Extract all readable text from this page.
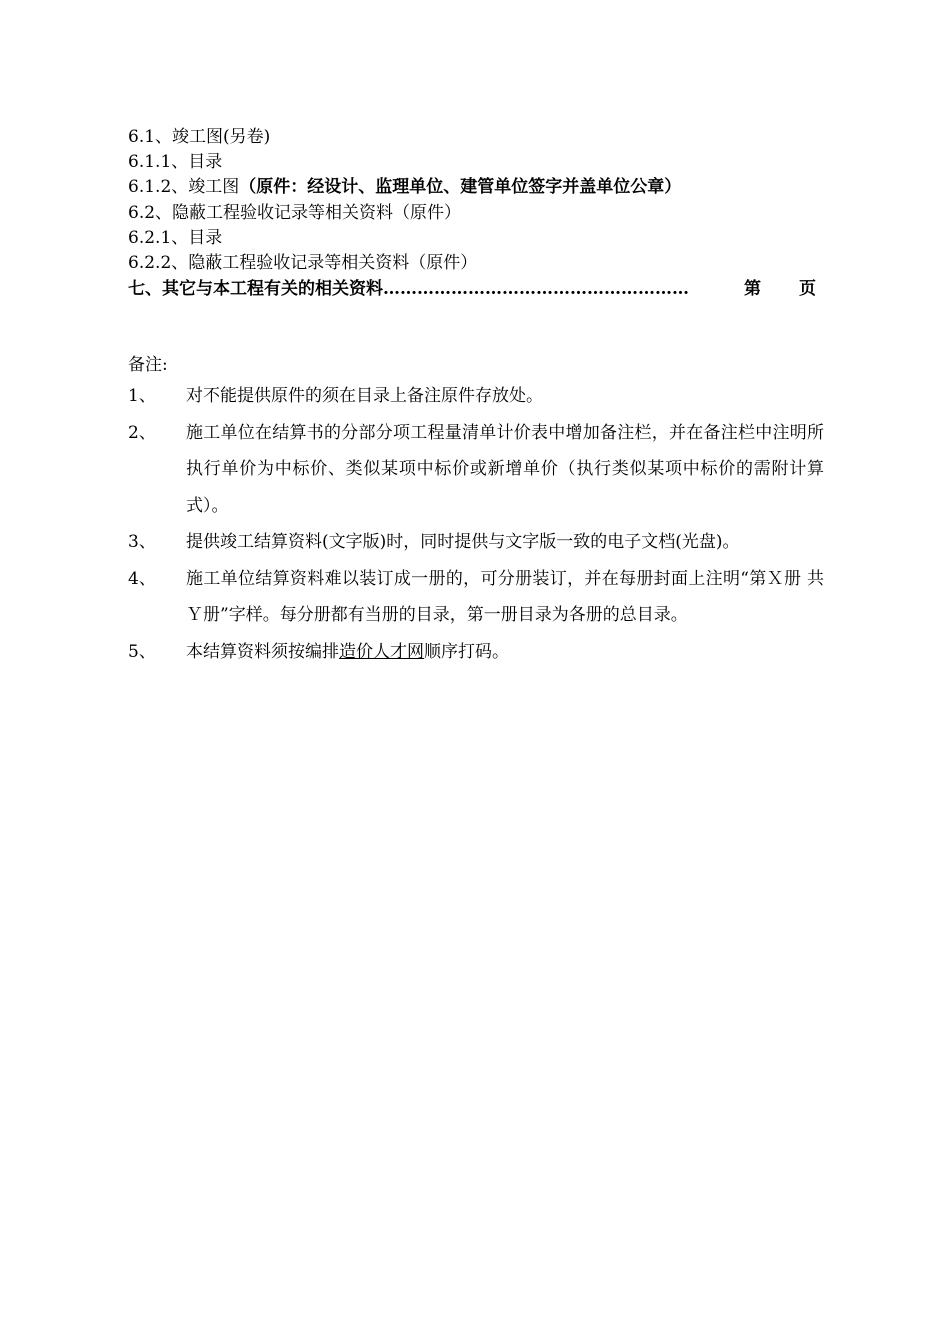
6.1、竣工图(另卷)
6.1.1、目录
6.1.2、竣工图（原件：经设计、监理单位、建管单位签字并盖单位公章）
6.2、隐蔽工程验收记录等相关资料（原件）
6.2.1、目录
6.2.2、隐蔽工程验收记录等相关资料（原件）
七、其它与本工程有关的相关资料………………………………………………	第 页
备注:
1、	对不能提供原件的须在目录上备注原件存放处。
2、	施工单位在结算书的分部分项工程量清单计价表中增加备注栏，并在备注栏中注明所执行单价为中标价、类似某项中标价或新增单价（执行类似某项中标价的需附计算式）。
3、	提供竣工结算资料(文字版)时，同时提供与文字版一致的电子文档(光盘)。
4、	施工单位结算资料难以装订成一册的，可分册装订，并在每册封面上注明“第Ｘ册 共Ｙ册”字样。每分册都有当册的目录，第一册目录为各册的总目录。
5、	本结算资料须按编排造价人才网顺序打码。
